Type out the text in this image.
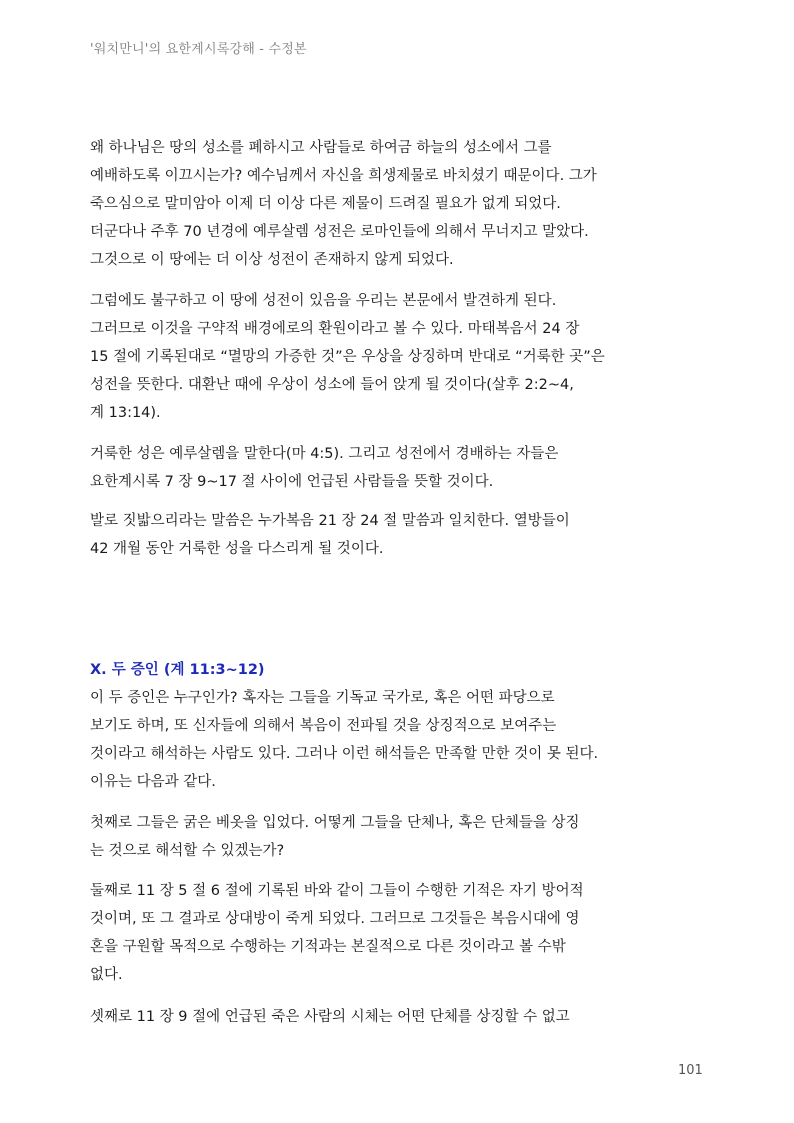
'워치만니'의 요한계시록강해 - 수정본

왜 하나님은 땅의 성소를 폐하시고 사람들로 하여금 하늘의 성소에서 그를
예배하도록 이끄시는가? 예수님께서 자신을 희생제물로 바치셨기 때문이다. 그가
죽으심으로 말미암아 이제 더 이상 다른 제물이 드려질 필요가 없게 되었다.
더군다나 주후 70 년경에 예루살렘 성전은 로마인들에 의해서 무너지고 말았다.
그것으로 이 땅에는 더 이상 성전이 존재하지 않게 되었다.

그럼에도 불구하고 이 땅에 성전이 있음을 우리는 본문에서 발견하게 된다.
그러므로 이것을 구약적 배경에로의 환원이라고 볼 수 있다. 마태복음서 24 장
15 절에 기록된대로 “멸망의 가증한 것”은 우상을 상징하며 반대로 “거룩한 곳”은
성전을 뜻한다. 대환난 때에 우상이 성소에 들어 앉게 될 것이다(살후 2:2~4,
계 13:14).

거룩한 성은 예루살렘을 말한다(마 4:5). 그리고 성전에서 경배하는 자들은
요한계시록 7 장 9~17 절 사이에 언급된 사람들을 뜻할 것이다.

발로 짓밟으리라는 말씀은 누가복음 21 장 24 절 말씀과 일치한다. 열방들이
42 개월 동안 거룩한 성을 다스리게 될 것이다.

X. 두 증인 (계 11:3~12)

이 두 증인은 누구인가? 혹자는 그들을 기독교 국가로, 혹은 어떤 파당으로
보기도 하며, 또 신자들에 의해서 복음이 전파될 것을 상징적으로 보여주는
것이라고 해석하는 사람도 있다. 그러나 이런 해석들은 만족할 만한 것이 못 된다.
이유는 다음과 같다.

첫째로 그들은 굵은 베옷을 입었다. 어떻게 그들을 단체나, 혹은 단체들을 상징
는 것으로 해석할 수 있겠는가?

둘째로 11 장 5 절 6 절에 기록된 바와 같이 그들이 수행한 기적은 자기 방어적
것이며, 또 그 결과로 상대방이 죽게 되었다. 그러므로 그것들은 복음시대에 영
혼을 구원할 목적으로 수행하는 기적과는 본질적으로 다른 것이라고 볼 수밖
없다.

셋째로 11 장 9 절에 언급된 죽은 사람의 시체는 어떤 단체를 상징할 수 없고

101
